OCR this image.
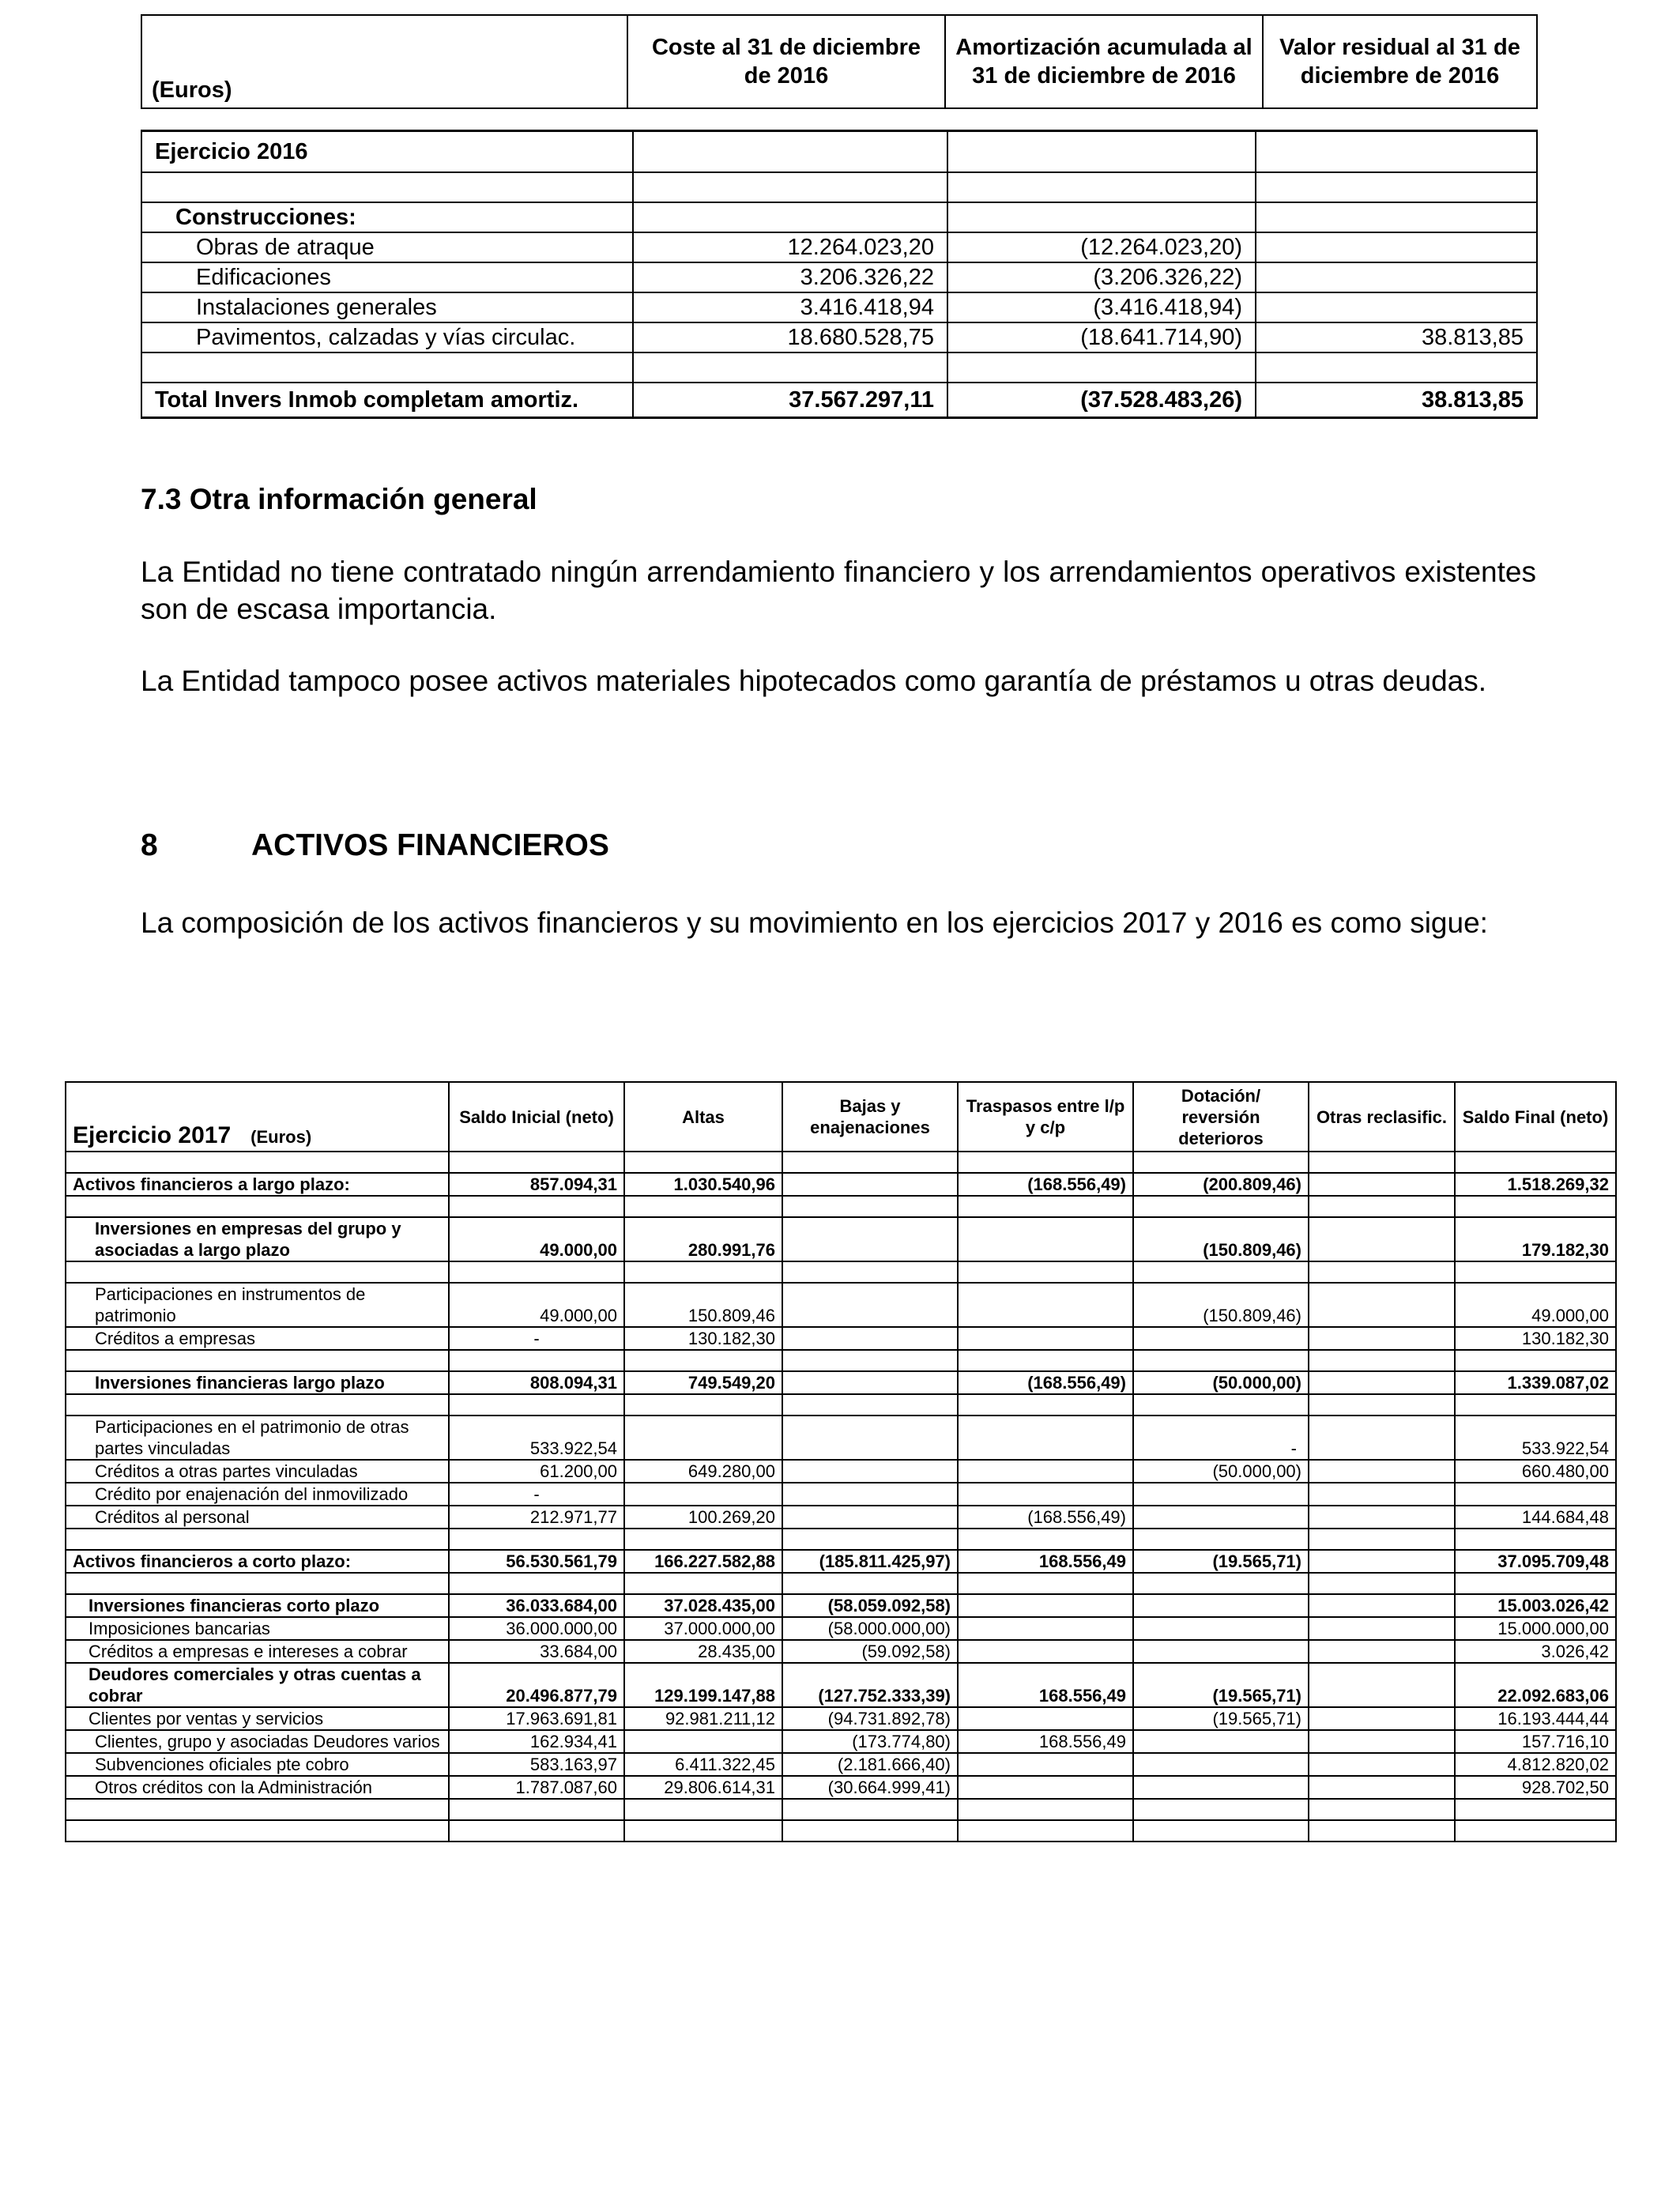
(Euros)	Coste al 31 de diciembre de 2016	Amortización acumulada al 31 de diciembre de 2016	Valor residual al 31 de diciembre de 2016
Ejercicio 2016			

Construcciones:			
Obras de atraque	12.264.023,20	(12.264.023,20)	
Edificaciones	3.206.326,22	(3.206.326,22)	
Instalaciones generales	3.416.418,94	(3.416.418,94)	
Pavimentos, calzadas y vías circulac.	18.680.528,75	(18.641.714,90)	38.813,85

Total Invers Inmob completam amortiz.	37.567.297,11	(37.528.483,26)	38.813,85
7.3 Otra información general
La Entidad no tiene contratado ningún arrendamiento financiero y los arrendamientos operativos existentes son de escasa importancia.
La Entidad tampoco posee activos materiales hipotecados como garantía de préstamos u otras deudas.
8	ACTIVOS FINANCIEROS
La composición de los activos financieros y su movimiento en los ejercicios 2017 y 2016 es como sigue:
Ejercicio 2017 (Euros)	Saldo Inicial (neto)	Altas	Bajas y enajenaciones	Traspasos entre l/p y c/p	Dotación/ reversión deterioros	Otras reclasific.	Saldo Final (neto)

Activos financieros a largo plazo:	857.094,31	1.030.540,96		(168.556,49)	(200.809,46)		1.518.269,32

Inversiones en empresas del grupo y asociadas a largo plazo	49.000,00	280.991,76			(150.809,46)		179.182,30

Participaciones en instrumentos de patrimonio	49.000,00	150.809,46			(150.809,46)		49.000,00
Créditos a empresas	-	130.182,30					130.182,30

Inversiones financieras largo plazo	808.094,31	749.549,20		(168.556,49)	(50.000,00)		1.339.087,02

Participaciones en el patrimonio de otras partes vinculadas	533.922,54				-		533.922,54
Créditos a otras partes vinculadas	61.200,00	649.280,00			(50.000,00)		660.480,00
Crédito por enajenación del inmovilizado	-						
Créditos al personal	212.971,77	100.269,20		(168.556,49)			144.684,48

Activos financieros a corto plazo:	56.530.561,79	166.227.582,88	(185.811.425,97)	168.556,49	(19.565,71)		37.095.709,48

Inversiones financieras corto plazo	36.033.684,00	37.028.435,00	(58.059.092,58)				15.003.026,42
Imposiciones bancarias	36.000.000,00	37.000.000,00	(58.000.000,00)				15.000.000,00
Créditos a empresas e intereses a cobrar	33.684,00	28.435,00	(59.092,58)				3.026,42
Deudores comerciales y otras cuentas a cobrar	20.496.877,79	129.199.147,88	(127.752.333,39)	168.556,49	(19.565,71)		22.092.683,06
Clientes por ventas y servicios	17.963.691,81	92.981.211,12	(94.731.892,78)		(19.565,71)		16.193.444,44
Clientes, grupo y asociadas Deudores varios	162.934,41		(173.774,80)	168.556,49			157.716,10
Subvenciones oficiales pte cobro	583.163,97	6.411.322,45	(2.181.666,40)				4.812.820,02
Otros créditos con la Administración	1.787.087,60	29.806.614,31	(30.664.999,41)				928.702,50
